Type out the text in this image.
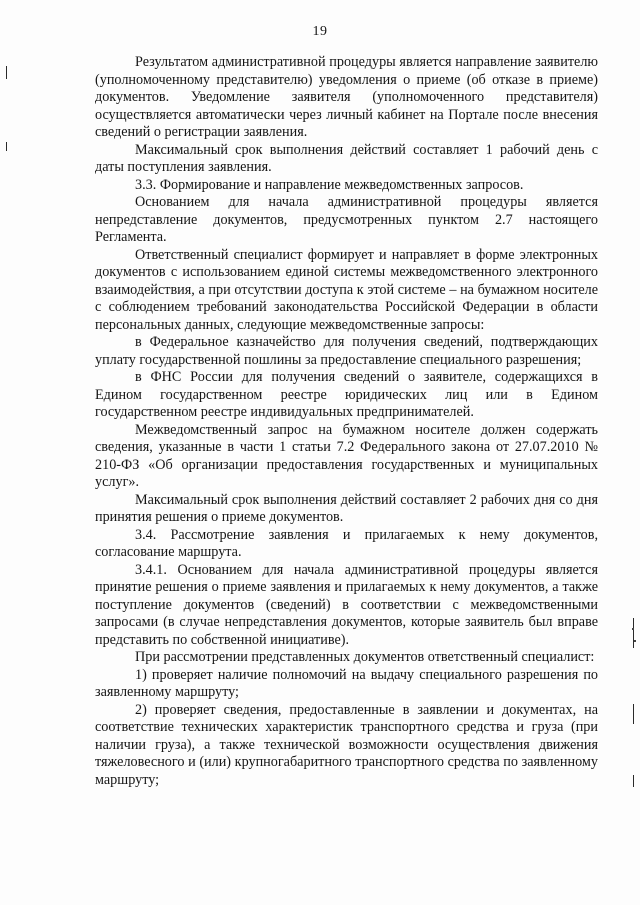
19

Результатом административной процедуры является направление заявителю (уполномоченному представителю) уведомления о приеме (об отказе в приеме) документов. Уведомление заявителя (уполномоченного представителя) осуществляется автоматически через личный кабинет на Портале после внесения сведений о регистрации заявления.

Максимальный срок выполнения действий составляет 1 рабочий день с даты поступления заявления.

3.3. Формирование и направление межведомственных запросов.

Основанием для начала административной процедуры является непредставление документов, предусмотренных пунктом 2.7 настоящего Регламента.

Ответственный специалист формирует и направляет в форме электронных документов с использованием единой системы межведомственного электронного взаимодействия, а при отсутствии доступа к этой системе – на бумажном носителе с соблюдением требований законодательства Российской Федерации в области персональных данных, следующие межведомственные запросы:

в Федеральное казначейство для получения сведений, подтверждающих уплату государственной пошлины за предоставление специального разрешения;

в ФНС России для получения сведений о заявителе, содержащихся в Едином государственном реестре юридических лиц или в Едином государственном реестре индивидуальных предпринимателей.

Межведомственный запрос на бумажном носителе должен содержать сведения, указанные в части 1 статьи 7.2 Федерального закона от 27.07.2010 № 210-ФЗ «Об организации предоставления государственных и муниципальных услуг».

Максимальный срок выполнения действий составляет 2 рабочих дня со дня принятия решения о приеме документов.

3.4. Рассмотрение заявления и прилагаемых к нему документов, согласование маршрута.

3.4.1. Основанием для начала административной процедуры является принятие решения о приеме заявления и прилагаемых к нему документов, а также поступление документов (сведений) в соответствии с межведомственными запросами (в случае непредставления документов, которые заявитель был вправе представить по собственной инициативе).

При рассмотрении представленных документов ответственный специалист:

1) проверяет наличие полномочий на выдачу специального разрешения по заявленному маршруту;

2) проверяет сведения, предоставленные в заявлении и документах, на соответствие технических характеристик транспортного средства и груза (при наличии груза), а также технической возможности осуществления движения тяжеловесного и (или) крупногабаритного транспортного средства по заявленному маршруту;
